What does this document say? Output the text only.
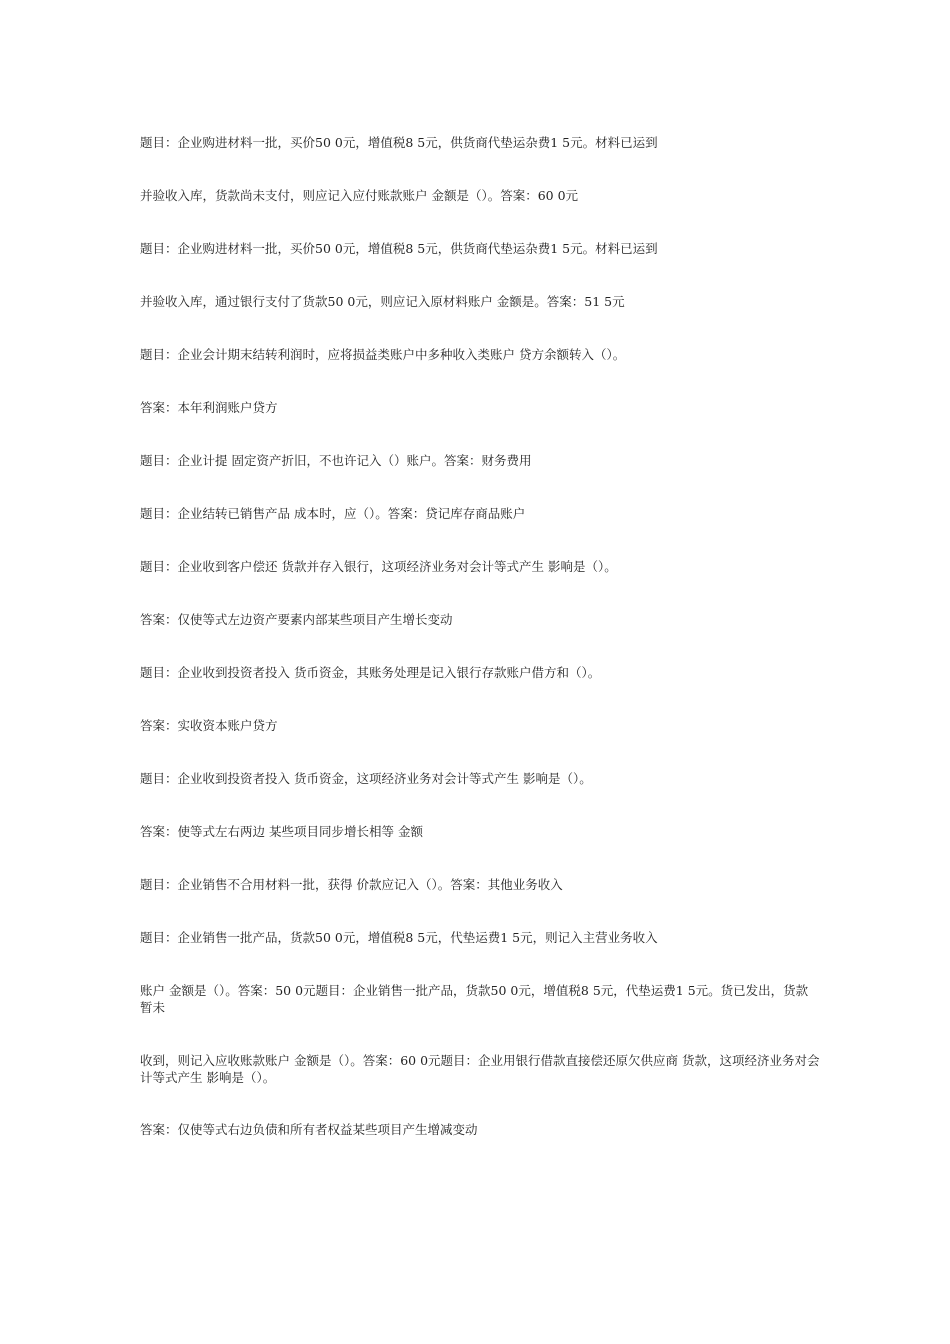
题目：企业购进材料一批，买价50 0元，增值税8 5元，供货商代垫运杂费1 5元。材料已运到
并验收入库，货款尚未支付，则应记入应付账款账户 金额是（）。答案：60 0元
题目：企业购进材料一批，买价50 0元，增值税8 5元，供货商代垫运杂费1 5元。材料已运到
并验收入库，通过银行支付了货款50 0元，则应记入原材料账户 金额是。答案：51 5元
题目：企业会计期末结转利润时，应将损益类账户中多种收入类账户 贷方余额转入（）。
答案：本年利润账户贷方
题目：企业计提 固定资产折旧，不也许记入（）账户。答案：财务费用
题目：企业结转已销售产品 成本时，应（）。答案：贷记库存商品账户
题目：企业收到客户偿还 货款并存入银行，这项经济业务对会计等式产生 影响是（）。
答案：仅使等式左边资产要素内部某些项目产生增长变动
题目：企业收到投资者投入 货币资金，其账务处理是记入银行存款账户借方和（）。
答案：实收资本账户贷方
题目：企业收到投资者投入 货币资金，这项经济业务对会计等式产生 影响是（）。
答案：使等式左右两边 某些项目同步增长相等 金额
题目：企业销售不合用材料一批，获得 价款应记入（）。答案：其他业务收入
题目：企业销售一批产品，货款50 0元，增值税8 5元，代垫运费1 5元，则记入主营业务收入
账户 金额是（）。答案：50 0元题目：企业销售一批产品，货款50 0元，增值税8 5元，代垫运费1 5元。货已发出，货款暂未
收到，则记入应收账款账户 金额是（）。答案：60 0元题目：企业用银行借款直接偿还原欠供应商 货款，这项经济业务对会计等式产生 影响是（）。
答案：仅使等式右边负债和所有者权益某些项目产生增减变动
